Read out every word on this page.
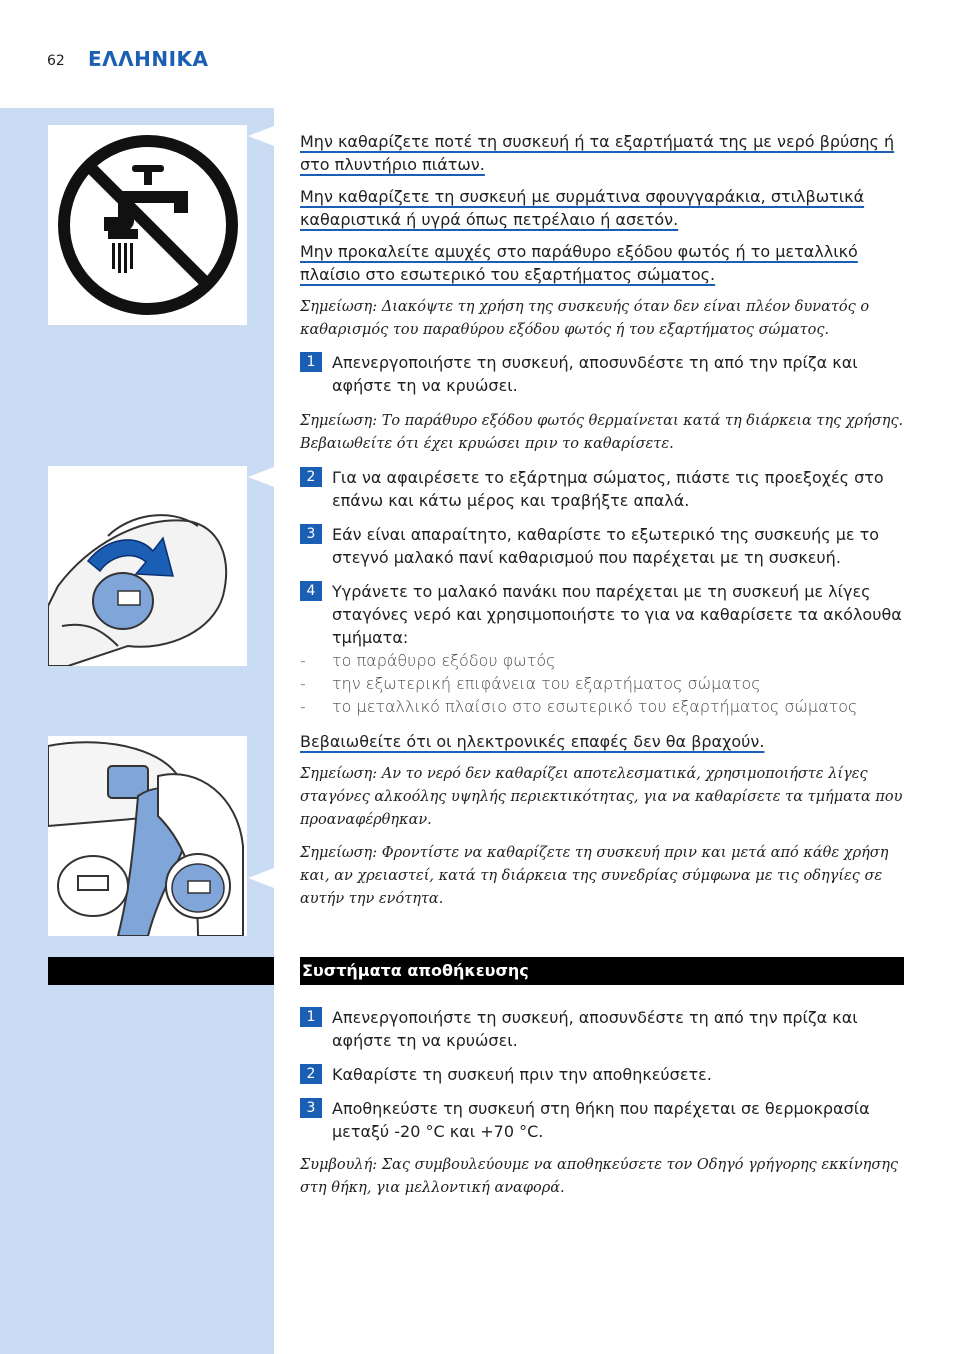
62 ΕΛΛΗΝΙΚΑ

Μην καθαρίζετε ποτέ τη συσκευή ή τα εξαρτήματά της με νερό βρύσης ή στο πλυντήριο πιάτων.

Μην καθαρίζετε τη συσκευή με συρμάτινα σφουγγαράκια, στιλβωτικά καθαριστικά ή υγρά όπως πετρέλαιο ή ασετόν.

Μην προκαλείτε αμυχές στο παράθυρο εξόδου φωτός ή το μεταλλικό πλαίσιο στο εσωτερικό του εξαρτήματος σώματος.

Σημείωση: Διακόψτε τη χρήση της συσκευής όταν δεν είναι πλέον δυνατός ο καθαρισμός του παραθύρου εξόδου φωτός ή του εξαρτήματος σώματος.

1	Απενεργοποιήστε τη συσκευή, αποσυνδέστε τη από την πρίζα και αφήστε τη να κρυώσει.

Σημείωση: Το παράθυρο εξόδου φωτός θερμαίνεται κατά τη διάρκεια της χρήσης. Βεβαιωθείτε ότι έχει κρυώσει πριν το καθαρίσετε.

2	Για να αφαιρέσετε το εξάρτημα σώματος, πιάστε τις προεξοχές στο επάνω και κάτω μέρος και τραβήξτε απαλά.
3	Εάν είναι απαραίτητο, καθαρίστε το εξωτερικό της συσκευής με το στεγνό μαλακό πανί καθαρισμού που παρέχεται με τη συσκευή.
4	Υγράνετε το μαλακό πανάκι που παρέχεται με τη συσκευή με λίγες σταγόνες νερό και χρησιμοποιήστε το για να καθαρίσετε τα ακόλουθα τμήματα:
- το παράθυρο εξόδου φωτός
- την εξωτερική επιφάνεια του εξαρτήματος σώματος
- το μεταλλικό πλαίσιο στο εσωτερικό του εξαρτήματος σώματος

Βεβαιωθείτε ότι οι ηλεκτρονικές επαφές δεν θα βραχούν.

Σημείωση: Αν το νερό δεν καθαρίζει αποτελεσματικά, χρησιμοποιήστε λίγες σταγόνες αλκοόλης υψηλής περιεκτικότητας, για να καθαρίσετε τα τμήματα που προαναφέρθηκαν.

Σημείωση: Φροντίστε να καθαρίζετε τη συσκευή πριν και μετά από κάθε χρήση και, αν χρειαστεί, κατά τη διάρκεια της συνεδρίας σύμφωνα με τις οδηγίες σε αυτήν την ενότητα.

Συστήματα αποθήκευσης
1	Απενεργοποιήστε τη συσκευή, αποσυνδέστε τη από την πρίζα και αφήστε τη να κρυώσει.
2	Καθαρίστε τη συσκευή πριν την αποθηκεύσετε.
3	Αποθηκεύστε τη συσκευή στη θήκη που παρέχεται σε θερμοκρασία μεταξύ -20 °C και +70 °C.

Συμβουλή: Σας συμβουλεύουμε να αποθηκεύσετε τον Οδηγό γρήγορης εκκίνησης στη θήκη, για μελλοντική αναφορά.
